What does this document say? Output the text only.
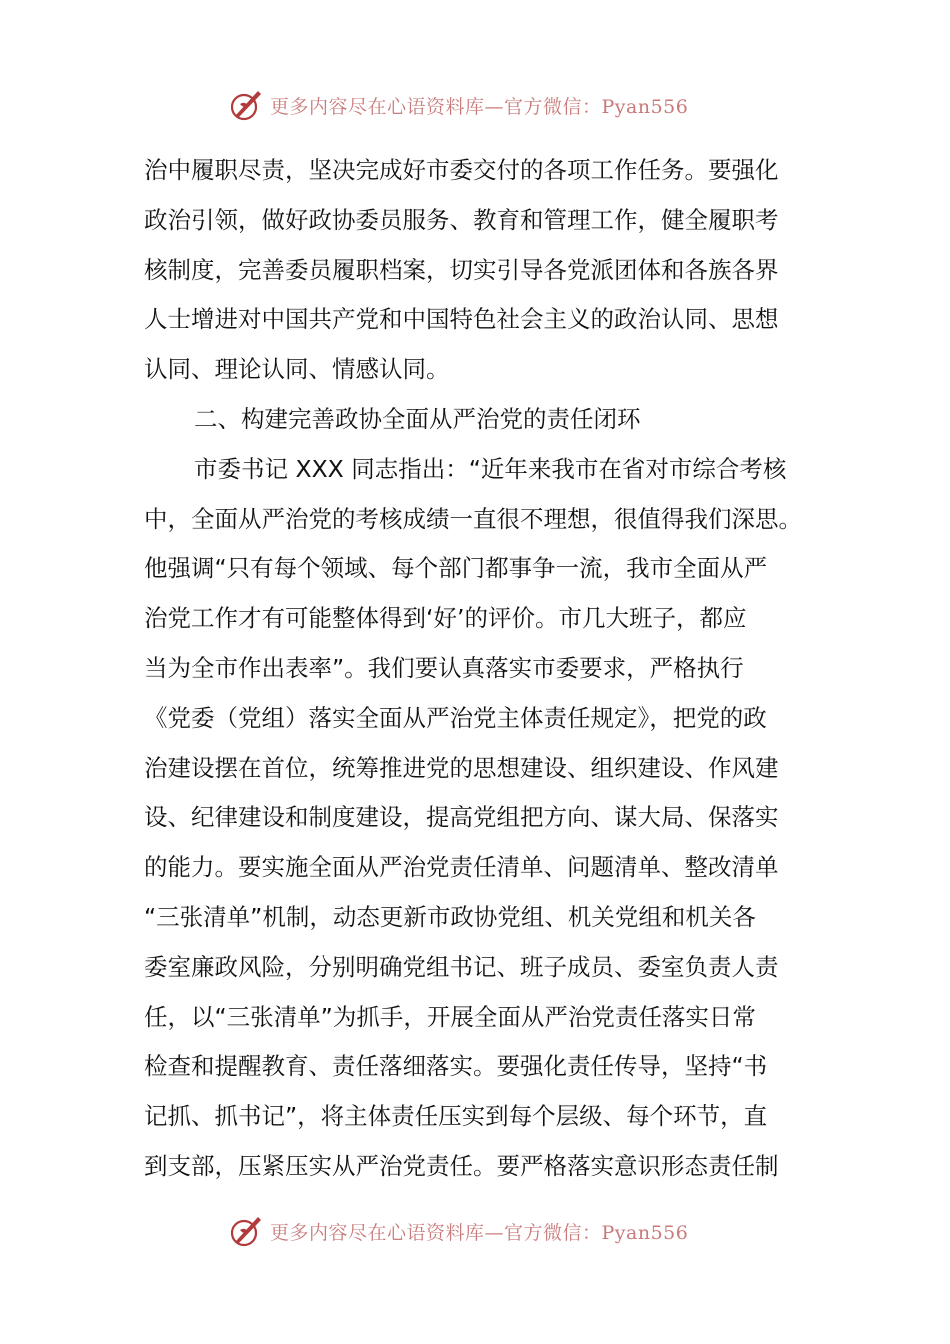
更多内容尽在心语资料库—官方微信：Pyan556
治中履职尽责，坚决完成好市委交付的各项工作任务。要强化
政治引领，做好政协委员服务、教育和管理工作，健全履职考
核制度，完善委员履职档案，切实引导各党派团体和各族各界
人士增进对中国共产党和中国特色社会主义的政治认同、思想
认同、理论认同、情感认同。
二、构建完善政协全面从严治党的责任闭环
市委书记 XXX 同志指出：“近年来我市在省对市综合考核
中，全面从严治党的考核成绩一直很不理想，很值得我们深思。
他强调“只有每个领域、每个部门都事争一流，我市全面从严
治党工作才有可能整体得到‘好’的评价。市几大班子，都应
当为全市作出表率”。我们要认真落实市委要求，严格执行
《党委（党组）落实全面从严治党主体责任规定》，把党的政
治建设摆在首位，统筹推进党的思想建设、组织建设、作风建
设、纪律建设和制度建设，提高党组把方向、谋大局、保落实
的能力。要实施全面从严治党责任清单、问题清单、整改清单
“三张清单”机制，动态更新市政协党组、机关党组和机关各
委室廉政风险，分别明确党组书记、班子成员、委室负责人责
任，以“三张清单”为抓手，开展全面从严治党责任落实日常
检查和提醒教育、责任落细落实。要强化责任传导，坚持“书
记抓、抓书记”，将主体责任压实到每个层级、每个环节，直
到支部，压紧压实从严治党责任。要严格落实意识形态责任制
更多内容尽在心语资料库—官方微信：Pyan556
